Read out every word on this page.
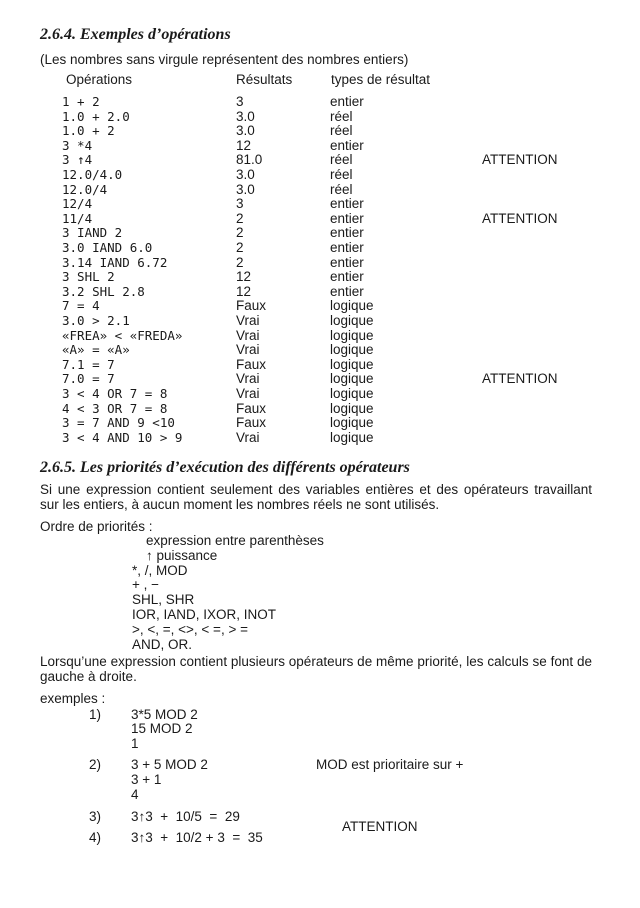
2.6.4. Exemples d’opérations
(Les nombres sans virgule représentent des nombres entiers)
Opérations	Résultats	types de résultat
1 + 2	3	entier
1.0 + 2.0	3.0	réel
1.0 + 2	3.0	réel
3 *4	12	entier
3 ↑4	81.0	réel	ATTENTION
12.0/4.0	3.0	réel
12.0/4	3.0	réel
12/4	3	entier
11/4	2	entier	ATTENTION
3 IAND 2	2	entier
3.0 IAND 6.0	2	entier
3.14 IAND 6.72	2	entier
3 SHL 2	12	entier
3.2 SHL 2.8	12	entier
7 = 4	Faux	logique
3.0 > 2.1	Vrai	logique
«FREA» < «FREDA»	Vrai	logique
«A» = «A»	Vrai	logique
7.1 = 7	Faux	logique
7.0 = 7	Vrai	logique	ATTENTION
3 < 4 OR 7 = 8	Vrai	logique
4 < 3 OR 7 = 8	Faux	logique
3 = 7 AND 9 <10	Faux	logique
3 < 4 AND 10 > 9	Vrai	logique
2.6.5. Les priorités d’exécution des différents opérateurs
Si une expression contient seulement des variables entières et des opérateurs travaillant sur les entiers, à aucun moment les nombres réels ne sont utilisés.
Ordre de priorités :
expression entre parenthèses
↑ puissance
*, /, MOD
+ , −
SHL, SHR
IOR, IAND, IXOR, INOT
>, <, =, <>, < =, > =
AND, OR.
Lorsqu’une expression contient plusieurs opérateurs de même priorité, les calculs se font de gauche à droite.
exemples :
1) 3*5 MOD 2
15 MOD 2
1
2) 3 + 5 MOD 2
3 + 1
4
MOD est prioritaire sur +
3) 3↑3  +  10/5  =  29
4) 3↑3  +  10/2 + 3  =  35
ATTENTION
